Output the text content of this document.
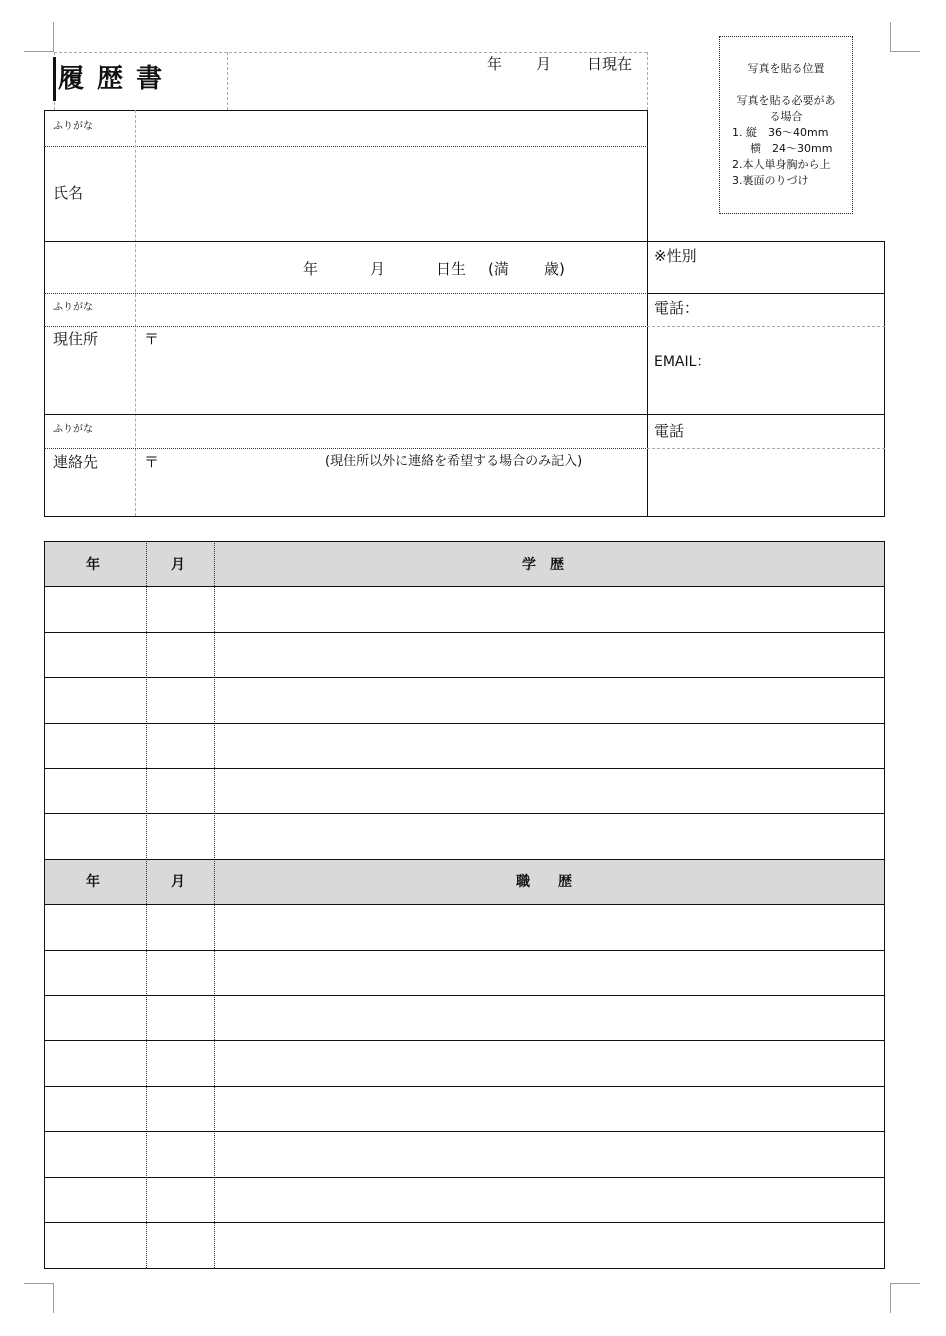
履 歴 書	年 月 日現在	写真を貼る位置
写真を貼る必要があ
る場合
1. 縦　36〜40mm
横　24〜30mm
2.本人単身胸から上
3.裏面のりづけ
ふりがな
氏名
年	月	日生 (満 歳)
※性別
ふりがな	電話：
現住所	〒
EMAIL：
ふりがな	電話
連絡先	〒	(現住所以外に連絡を希望する場合のみ記入)
年	月	学　歴
年	月	職　　歴
